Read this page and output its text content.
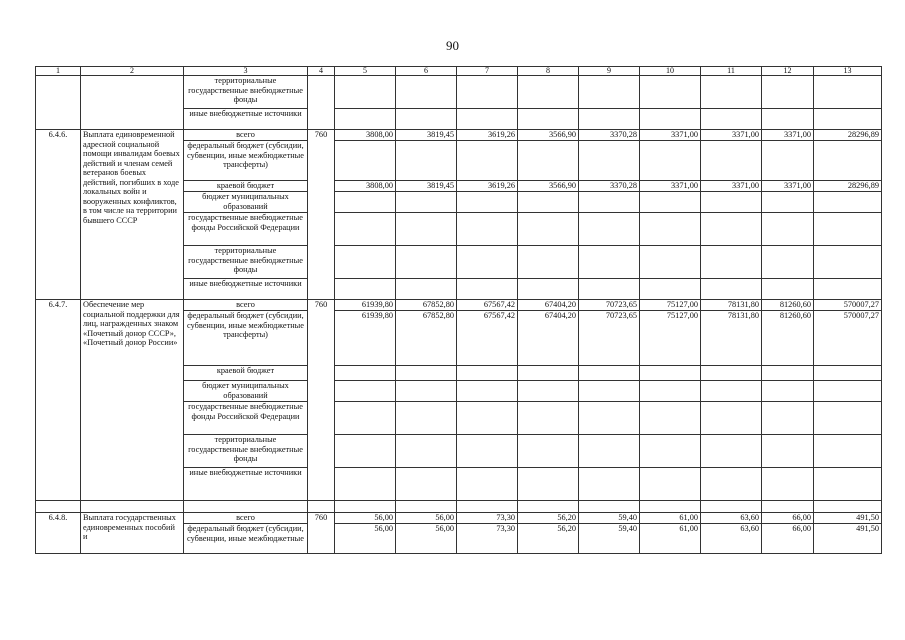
90
1	2	3	4	5	6	7	8	9	10	11	12	13
		территориальные государственные внебюджетные фонды										
		иные внебюджетные источники										
6.4.6.	Выплата единовременной адресной социальной помощи инвалидам боевых действий и членам семей ветеранов боевых действий, погибших в ходе локальных войн и вооруженных конфликтов, в том числе на территории бывшего СССР	всего	760	3808,00	3819,45	3619,26	3566,90	3370,28	3371,00	3371,00	3371,00	28296,89
		федеральный бюджет (субсидии, субвенции, иные межбюджетные трансферты)										
		краевой бюджет		3808,00	3819,45	3619,26	3566,90	3370,28	3371,00	3371,00	3371,00	28296,89
		бюджет муниципальных образований										
		государственные внебюджетные фонды Российской Федерации										
		территориальные государственные внебюджетные фонды										
		иные внебюджетные источники										
6.4.7.	Обеспечение мер социальной поддержки для лиц, награжденных знаком «Почетный донор СССР», «Почетный донор России»	всего	760	61939,80	67852,80	67567,42	67404,20	70723,65	75127,00	78131,80	81260,60	570007,27
		федеральный бюджет (субсидии, субвенции, иные межбюджетные трансферты)		61939,80	67852,80	67567,42	67404,20	70723,65	75127,00	78131,80	81260,60	570007,27
		краевой бюджет										
		бюджет муниципальных образований										
		государственные внебюджетные фонды Российской Федерации										
		территориальные государственные внебюджетные фонды										
		иные внебюджетные источники										

6.4.8.	Выплата государственных единовременных пособий и	всего	760	56,00	56,00	73,30	56,20	59,40	61,00	63,60	66,00	491,50
		федеральный бюджет (субсидии, субвенции, иные межбюджетные		56,00	56,00	73,30	56,20	59,40	61,00	63,60	66,00	491,50
